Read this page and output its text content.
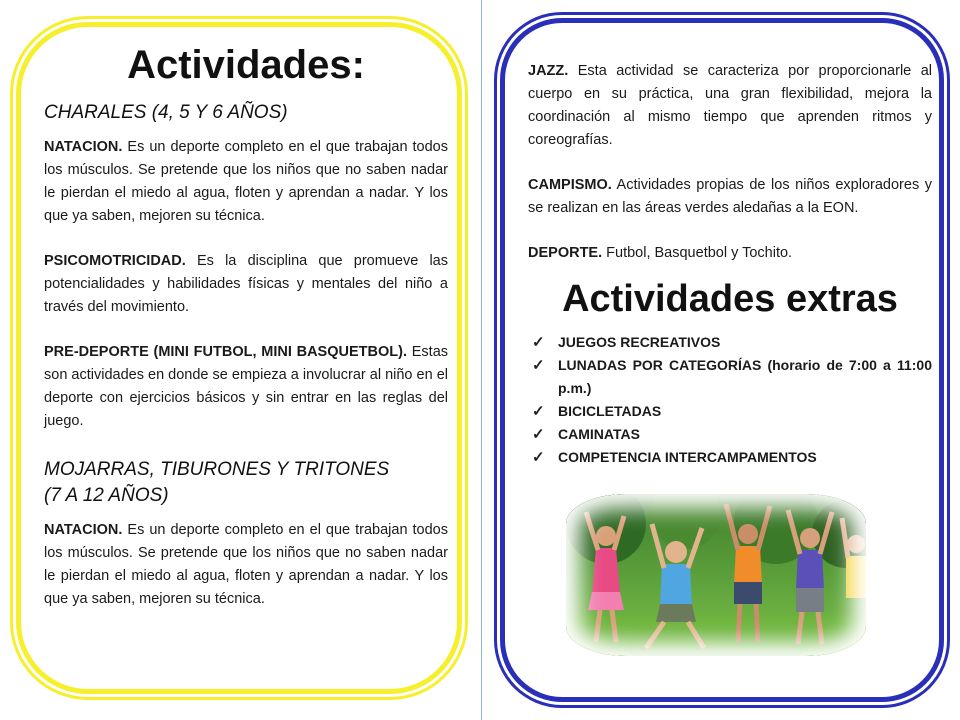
Actividades:

CHARALES (4, 5 Y 6 AÑOS)

NATACION. Es un deporte completo en el que trabajan todos los músculos. Se pretende que los niños que no saben nadar le pierdan el miedo al agua, floten y aprendan a nadar. Y los que ya saben, mejoren su técnica.

PSICOMOTRICIDAD. Es la disciplina que promueve las potencialidades y habilidades físicas y mentales del niño a través del movimiento.

PRE-DEPORTE (MINI FUTBOL, MINI BASQUETBOL). Estas son actividades en donde se empieza a involucrar al niño en el deporte con ejercicios básicos y sin entrar en las reglas del juego.

MOJARRAS, TIBURONES Y TRITONES

(7 A 12 AÑOS)

NATACION. Es un deporte completo en el que trabajan todos los músculos. Se pretende que los niños que no saben nadar le pierdan el miedo al agua, floten y aprendan a nadar. Y los que ya saben, mejoren su técnica.

JAZZ. Esta actividad se caracteriza por proporcionarle al cuerpo en su práctica, una gran flexibilidad, mejora la coordinación al mismo tiempo que aprenden ritmos y coreografías.

CAMPISMO. Actividades propias de los niños exploradores y se realizan en las áreas verdes aledañas a la EON.

DEPORTE. Futbol, Basquetbol y Tochito.

Actividades extras
✓ JUEGOS RECREATIVOS
✓ LUNADAS POR CATEGORÍAS (horario de 7:00 a 11:00 p.m.)
✓ BICICLETADAS
✓ CAMINATAS
✓ COMPETENCIA INTERCAMPAMENTOS
